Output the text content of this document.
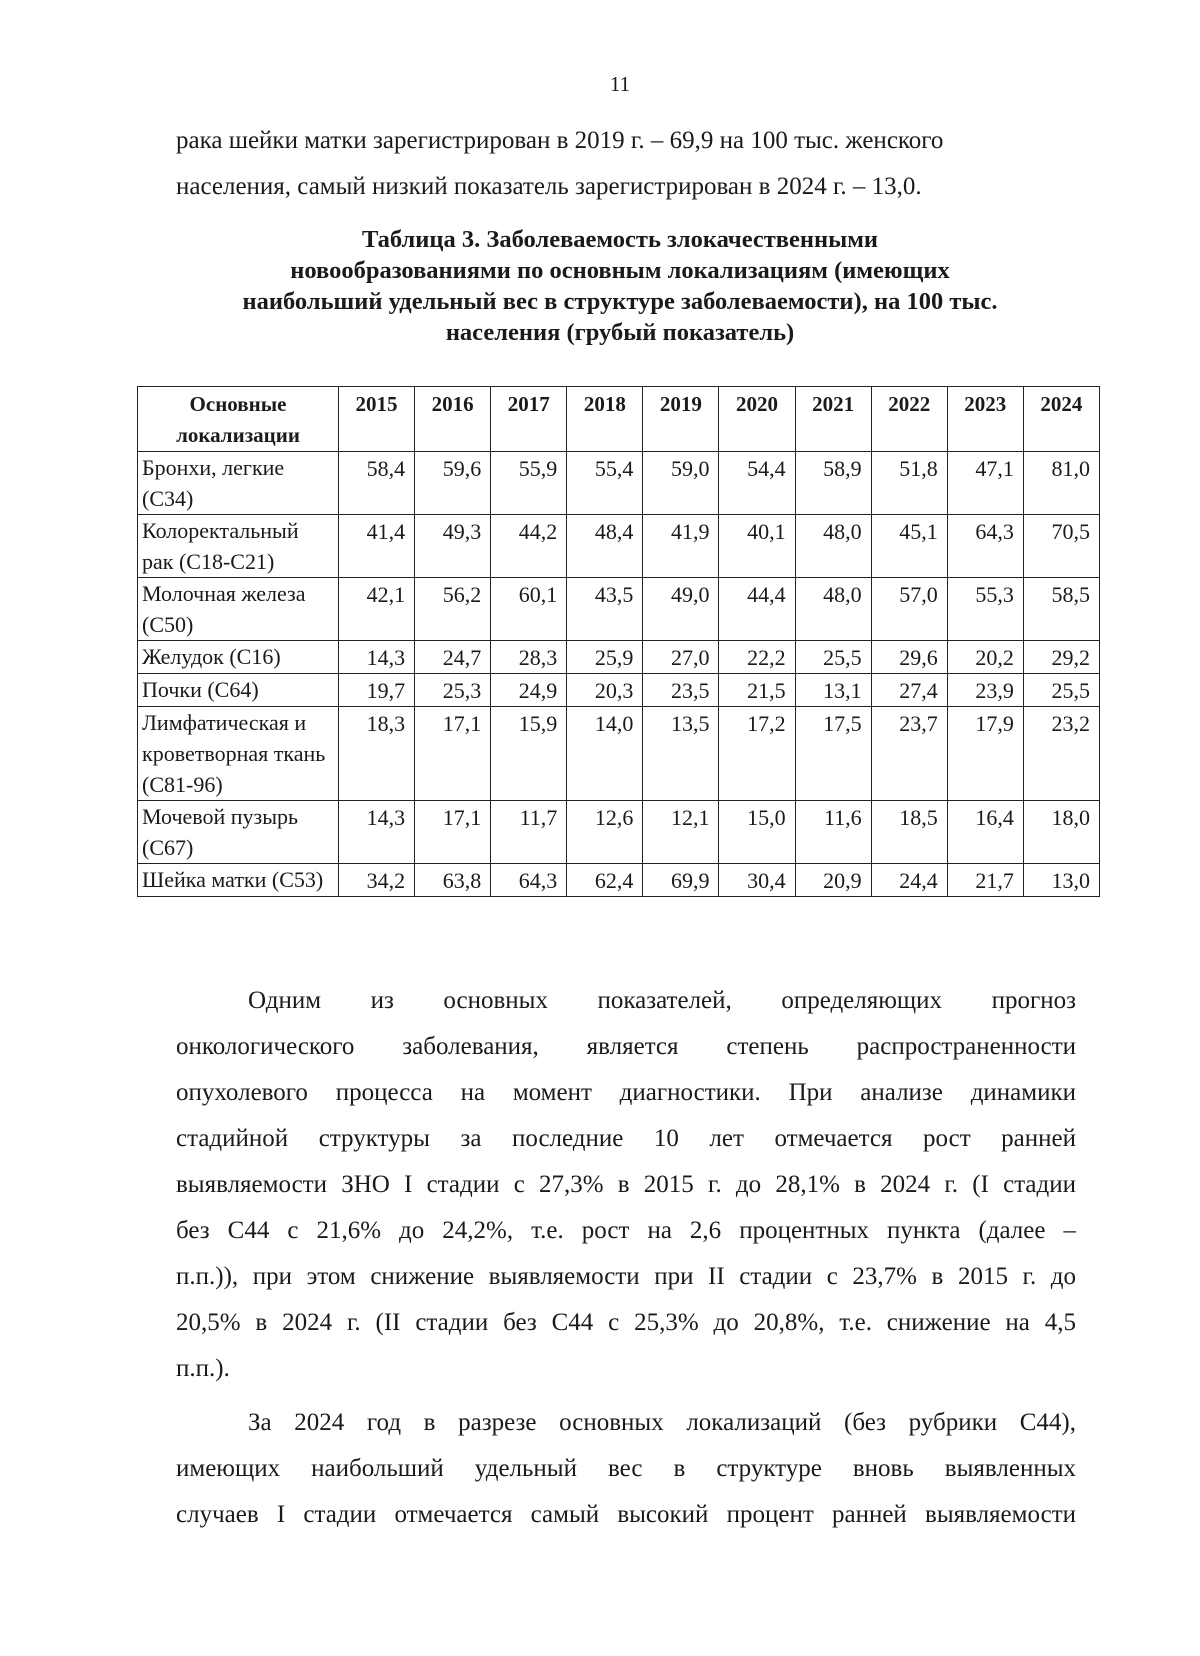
11
рака шейки матки зарегистрирован в 2019 г. – 69,9 на 100 тыс. женского
населения, самый низкий показатель зарегистрирован в 2024 г. – 13,0.
Таблица 3. Заболеваемость злокачественными
новообразованиями по основным локализациям (имеющих
наибольший удельный вес в структуре заболеваемости), на 100 тыс.
населения (грубый показатель)
Основные локализации	2015	2016	2017	2018	2019	2020	2021	2022	2023	2024
Бронхи, легкие (С34)	58,4	59,6	55,9	55,4	59,0	54,4	58,9	51,8	47,1	81,0
Колоректальный рак (С18-С21)	41,4	49,3	44,2	48,4	41,9	40,1	48,0	45,1	64,3	70,5
Молочная железа (С50)	42,1	56,2	60,1	43,5	49,0	44,4	48,0	57,0	55,3	58,5
Желудок (С16)	14,3	24,7	28,3	25,9	27,0	22,2	25,5	29,6	20,2	29,2
Почки (С64)	19,7	25,3	24,9	20,3	23,5	21,5	13,1	27,4	23,9	25,5
Лимфатическая и кроветворная ткань (С81-96)	18,3	17,1	15,9	14,0	13,5	17,2	17,5	23,7	17,9	23,2
Мочевой пузырь (С67)	14,3	17,1	11,7	12,6	12,1	15,0	11,6	18,5	16,4	18,0
Шейка матки (С53)	34,2	63,8	64,3	62,4	69,9	30,4	20,9	24,4	21,7	13,0
Одним из основных показателей, определяющих прогноз
онкологического заболевания, является степень распространенности
опухолевого процесса на момент диагностики. При анализе динамики
стадийной структуры за последние 10 лет отмечается рост ранней
выявляемости ЗНО I стадии с 27,3% в 2015 г. до 28,1% в 2024 г. (I стадии
без С44 с 21,6% до 24,2%, т.е. рост на 2,6 процентных пункта (далее –
п.п.)), при этом снижение выявляемости при II стадии с 23,7% в 2015 г. до
20,5% в 2024 г. (II стадии без С44 с 25,3% до 20,8%, т.е. снижение на 4,5
п.п.).
За 2024 год в разрезе основных локализаций (без рубрики С44),
имеющих наибольший удельный вес в структуре вновь выявленных
случаев I стадии отмечается самый высокий процент ранней выявляемости
